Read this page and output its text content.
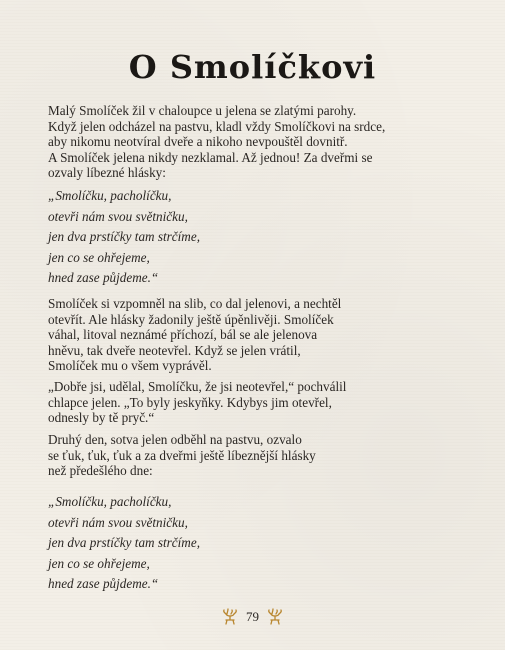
O Smolíčkovi
Malý Smolíček žil v chaloupce u jelena se zlatými parohy.
Když jelen odcházel na pastvu, kladl vždy Smolíčkovi na srdce,
aby nikomu neotvíral dveře a nikoho nevpouštěl dovnitř.
A Smolíček jelena nikdy nezklamal. Až jednou! Za dveřmi se
ozvaly líbezné hlásky:
„Smolíčku, pacholíčku,
otevři nám svou světničku,
jen dva prstíčky tam strčíme,
jen co se ohřejeme,
hned zase půjdeme.“
Smolíček si vzpomněl na slib, co dal jelenovi, a nechtěl
otevřít. Ale hlásky žadonily ještě úpěnlivěji. Smolíček
váhal, litoval neznámé příchozí, bál se ale jelenova
hněvu, tak dveře neotevřel. Když se jelen vrátil,
Smolíček mu o všem vyprávěl.
„Dobře jsi, udělal, Smolíčku, že jsi neotevřel,“ pochválil
chlapce jelen. „To byly jeskyňky. Kdybys jim otevřel,
odnesly by tě pryč.“
Druhý den, sotva jelen odběhl na pastvu, ozvalo
se ťuk, ťuk, ťuk a za dveřmi ještě líbeznější hlásky
než předešlého dne:
„Smolíčku, pacholíčku,
otevři nám svou světničku,
jen dva prstíčky tam strčíme,
jen co se ohřejeme,
hned zase půjdeme.“
79
